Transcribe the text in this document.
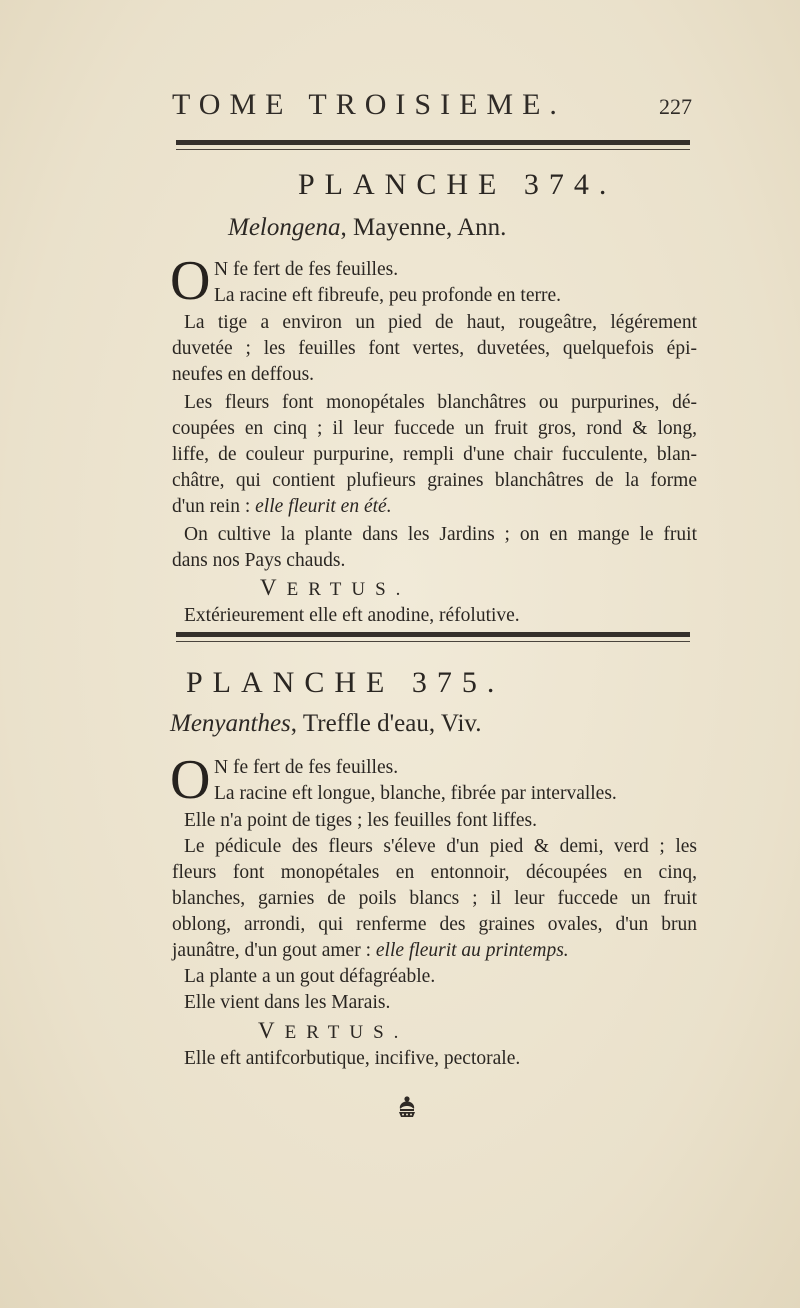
TOME TROISIEME.	227
PLANCHE 374.
Melongena, Mayenne, Ann.
O N fe fert de fes feuilles.
La racine eft fibreufe, peu profonde en terre.
La tige a environ un pied de haut, rougeâtre, légérement
duvetée ; les feuilles font vertes, duvetées, quelquefois épi-
neufes en deffous.
Les fleurs font monopétales blanchâtres ou purpurines, dé-
coupées en cinq ; il leur fuccede un fruit gros, rond & long,
liffe, de couleur purpurine, rempli d'une chair fucculente, blan-
châtre, qui contient plufieurs graines blanchâtres de la forme
d'un rein : elle fleurit en été.
On cultive la plante dans les Jardins ; on en mange le fruit
dans nos Pays chauds.
VERTUS.
Extérieurement elle eft anodine, réfolutive.
PLANCHE 375.
Menyanthes, Treffle d'eau, Viv.
O N fe fert de fes feuilles.
La racine eft longue, blanche, fibrée par intervalles.
Elle n'a point de tiges ; les feuilles font liffes.
Le pédicule des fleurs s'éleve d'un pied & demi, verd ; les
fleurs font monopétales en entonnoir, découpées en cinq,
blanches, garnies de poils blancs ; il leur fuccede un fruit
oblong, arrondi, qui renferme des graines ovales, d'un brun
jaunâtre, d'un gout amer : elle fleurit au printemps.
La plante a un gout défagréable.
Elle vient dans les Marais.
VERTUS.
Elle eft antifcorbutique, incifive, pectorale.
